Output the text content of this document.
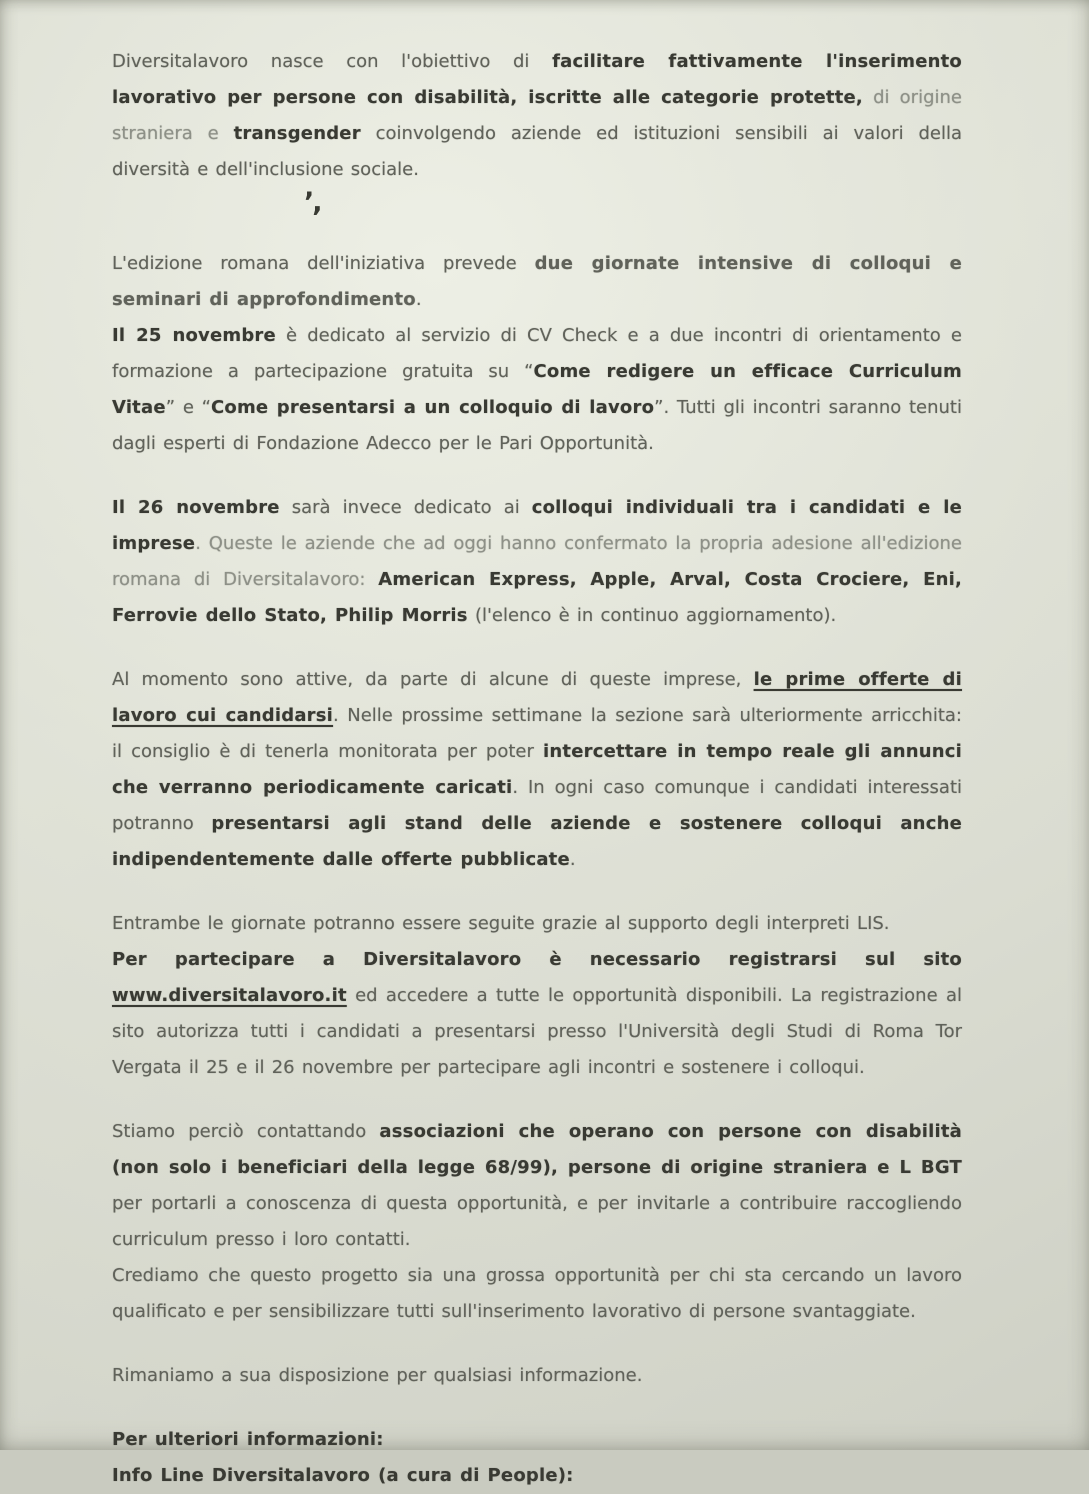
Diversitalavoro nasce con l'obiettivo di facilitare fattivamente l'inserimento lavorativo per persone con disabilità, iscritte alle categorie protette, di origine straniera e transgender coinvolgendo aziende ed istituzioni sensibili ai valori della diversità e dell'inclusione sociale.

’,

L'edizione romana dell'iniziativa prevede due giornate intensive di colloqui e seminari di approfondimento.

Il 25 novembre è dedicato al servizio di CV Check e a due incontri di orientamento e formazione a partecipazione gratuita su “Come redigere un efficace Curriculum Vitae” e “Come presentarsi a un colloquio di lavoro”. Tutti gli incontri saranno tenuti dagli esperti di Fondazione Adecco per le Pari Opportunità.

Il 26 novembre sarà invece dedicato ai colloqui individuali tra i candidati e le imprese. Queste le aziende che ad oggi hanno confermato la propria adesione all'edizione romana di Diversitalavoro: American Express, Apple, Arval, Costa Crociere, Eni, Ferrovie dello Stato, Philip Morris (l'elenco è in continuo aggiornamento).

Al momento sono attive, da parte di alcune di queste imprese, le prime offerte di lavoro cui candidarsi. Nelle prossime settimane la sezione sarà ulteriormente arricchita: il consiglio è di tenerla monitorata per poter intercettare in tempo reale gli annunci che verranno periodicamente caricati. In ogni caso comunque i candidati interessati potranno presentarsi agli stand delle aziende e sostenere colloqui anche indipendentemente dalle offerte pubblicate.

Entrambe le giornate potranno essere seguite grazie al supporto degli interpreti LIS.

Per partecipare a Diversitalavoro è necessario registrarsi sul sito www.diversitalavoro.it ed accedere a tutte le opportunità disponibili. La registrazione al sito autorizza tutti i candidati a presentarsi presso l'Università degli Studi di Roma Tor Vergata il 25 e il 26 novembre per partecipare agli incontri e sostenere i colloqui.

Stiamo perciò contattando associazioni che operano con persone con disabilità (non solo i beneficiari della legge 68/99), persone di origine straniera e L BGT per portarli a conoscenza di questa opportunità, e per invitarle a contribuire raccogliendo curriculum presso i loro contatti.

Crediamo che questo progetto sia una grossa opportunità per chi sta cercando un lavoro qualificato e per sensibilizzare tutti sull'inserimento lavorativo di persone svantaggiate.

Rimaniamo a sua disposizione per qualsiasi informazione.

Per ulteriori informazioni:

Info Line Diversitalavoro (a cura di People):
